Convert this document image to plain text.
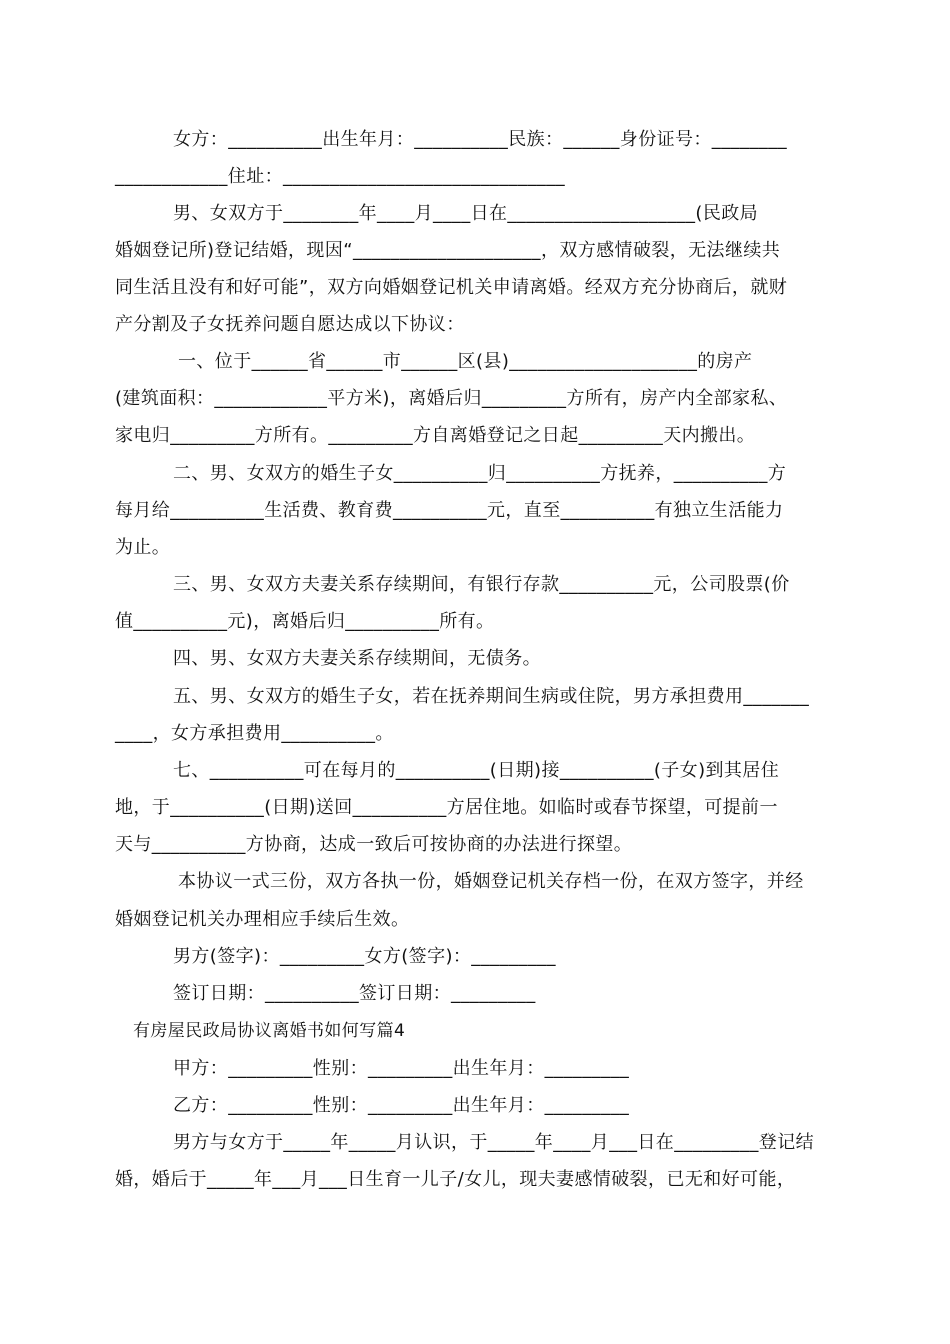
女方：__________出生年月：__________民族：______身份证号：________
____________住址：______________________________
男、女双方于________年____月____日在____________________(民政局
婚姻登记所)登记结婚，现因“____________________，双方感情破裂，无法继续共
同生活且没有和好可能”，双方向婚姻登记机关申请离婚。经双方充分协商后，就财
产分割及子女抚养问题自愿达成以下协议：
一、位于______省______市______区(县)____________________的房产
(建筑面积：____________平方米)，离婚后归_________方所有，房产内全部家私、
家电归_________方所有。_________方自离婚登记之日起_________天内搬出。
二、男、女双方的婚生子女__________归__________方抚养，__________方
每月给__________生活费、教育费__________元，直至__________有独立生活能力
为止。
三、男、女双方夫妻关系存续期间，有银行存款__________元，公司股票(价
值__________元)，离婚后归__________所有。
四、男、女双方夫妻关系存续期间，无债务。
五、男、女双方的婚生子女，若在抚养期间生病或住院，男方承担费用_______
____，女方承担费用__________。
七、__________可在每月的__________(日期)接__________(子女)到其居住
地，于__________(日期)送回__________方居住地。如临时或春节探望，可提前一
天与__________方协商，达成一致后可按协商的办法进行探望。
本协议一式三份，双方各执一份，婚姻登记机关存档一份，在双方签字，并经
婚姻登记机关办理相应手续后生效。
男方(签字)：_________女方(签字)：_________
签订日期：__________签订日期：_________
有房屋民政局协议离婚书如何写篇4
甲方：_________性别：_________出生年月：_________
乙方：_________性别：_________出生年月：_________
男方与女方于_____年_____月认识，于_____年____月___日在_________登记结
婚，婚后于_____年___月___日生育一儿子/女儿，现夫妻感情破裂，已无和好可能，
